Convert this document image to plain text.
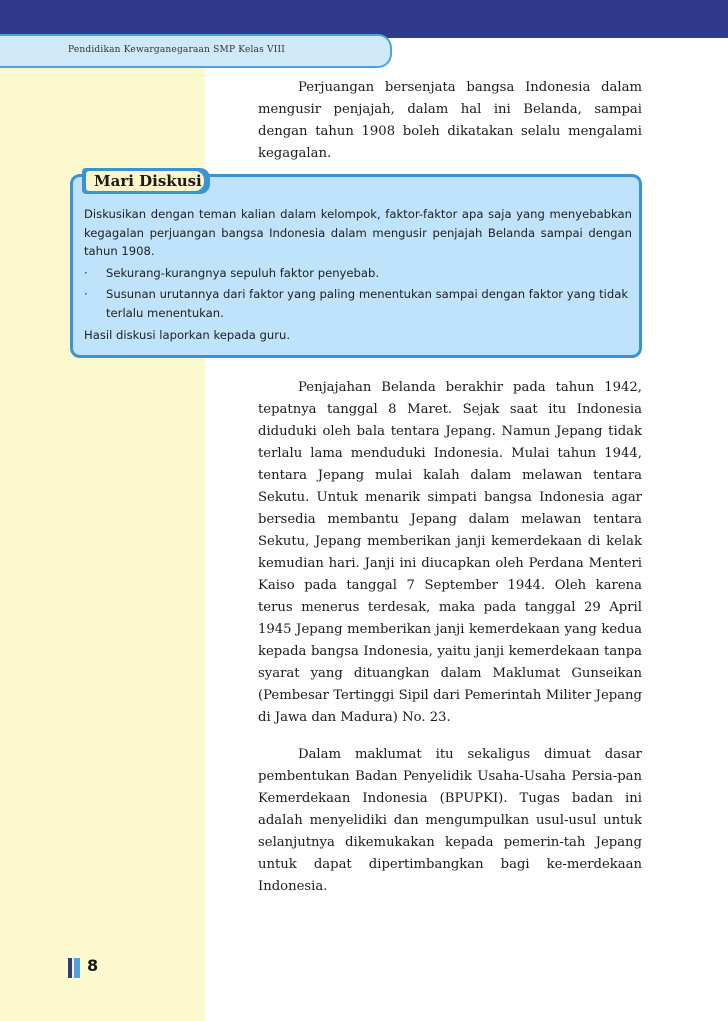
Pendidikan Kewarganegaraan SMP Kelas VIII

Perjuangan bersenjata bangsa Indonesia dalam mengusir penjajah, dalam hal ini Belanda, sampai dengan tahun 1908 boleh dikatakan selalu mengalami kegagalan.

Mari Diskusi

Diskusikan dengan teman kalian dalam kelompok, faktor-faktor apa saja yang menyebabkan kegagalan perjuangan bangsa Indonesia dalam mengusir penjajah Belanda sampai dengan tahun 1908.

· Sekurang-kurangnya sepuluh faktor penyebab.
· Susunan urutannya dari faktor yang paling menentukan sampai dengan faktor yang tidak terlalu menentukan.

Hasil diskusi laporkan kepada guru.

Penjajahan Belanda berakhir pada tahun 1942, tepatnya tanggal 8 Maret. Sejak saat itu Indonesia diduduki oleh bala tentara Jepang. Namun Jepang tidak terlalu lama menduduki Indonesia. Mulai tahun 1944, tentara Jepang mulai kalah dalam melawan tentara Sekutu. Untuk menarik simpati bangsa Indonesia agar bersedia membantu Jepang dalam melawan tentara Sekutu, Jepang memberikan janji kemerdekaan di kelak kemudian hari. Janji ini diucapkan oleh Perdana Menteri Kaiso pada tanggal 7 September 1944. Oleh karena terus menerus terdesak, maka pada tanggal 29 April 1945 Jepang memberikan janji kemerdekaan yang kedua kepada bangsa Indonesia, yaitu janji kemerdekaan tanpa syarat yang dituangkan dalam Maklumat Gunseikan (Pembesar Tertinggi Sipil dari Pemerintah Militer Jepang di Jawa dan Madura) No. 23.

Dalam maklumat itu sekaligus dimuat dasar pembentukan Badan Penyelidik Usaha-Usaha Persia-pan Kemerdekaan Indonesia (BPUPKI). Tugas badan ini adalah menyelidiki dan mengumpulkan usul-usul untuk selanjutnya dikemukakan kepada pemerin-tah Jepang untuk dapat dipertimbangkan bagi ke-merdekaan Indonesia.

8
